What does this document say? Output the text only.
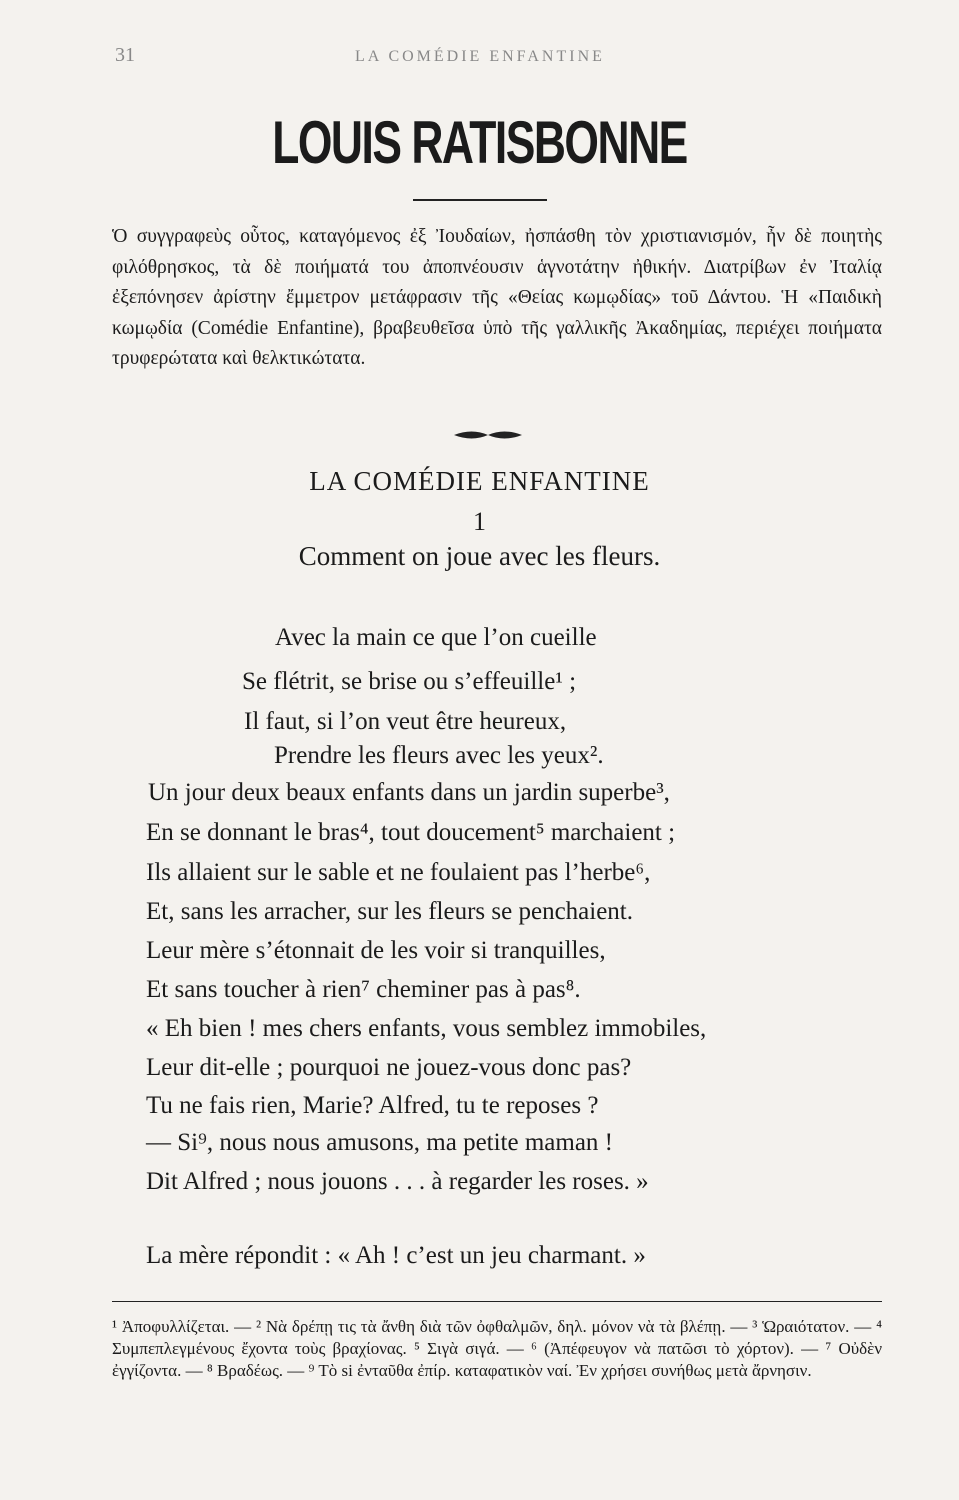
31	LA COMÉDIE ENFANTINE
LOUIS RATISBONNE
Ὁ συγγραφεὺς οὗτος, καταγόμενος ἐξ Ἰουδαίων, ἠσπάσθη τὸν χριστιανισμόν, ἦν δὲ ποιητὴς φιλόθρησκος, τὰ δὲ ποιήματά του ἀποπνέουσιν ἁγνοτάτην ἠθικήν. Διατρίβων ἐν Ἰταλίᾳ ἐξεπόνησεν ἀρίστην ἔμμετρον μετάφρασιν τῆς «Θείας κωμῳδίας» τοῦ Δάντου. Ἡ «Παιδικὴ κωμῳδία (Comédie Enfantine), βραβευθεῖσα ὑπὸ τῆς γαλλικῆς Ἀκαδημίας, περιέχει ποιήματα τρυφερώτατα καὶ θελκτικώτατα.
LA COMÉDIE ENFANTINE
1
Comment on joue avec les fleurs.
Avec la main ce que l’on cueille
Se flétrit, se brise ou s’effeuille¹ ;
Il faut, si l’on veut être heureux,
Prendre les fleurs avec les yeux².
Un jour deux beaux enfants dans un jardin superbe³,
En se donnant le bras⁴, tout doucement⁵ marchaient ;
Ils allaient sur le sable et ne foulaient pas l’herbe⁶,
Et, sans les arracher, sur les fleurs se penchaient.
Leur mère s’étonnait de les voir si tranquilles,
Et sans toucher à rien⁷ cheminer pas à pas⁸.
« Eh bien ! mes chers enfants, vous semblez immobiles,
Leur dit-elle ; pourquoi ne jouez-vous donc pas?
Tu ne fais rien, Marie? Alfred, tu te reposes ?
— Si⁹, nous nous amusons, ma petite maman !
Dit Alfred ; nous jouons . . . à regarder les roses. »
La mère répondit : « Ah ! c’est un jeu charmant. »
¹ Ἀποφυλλίζεται. — ² Νὰ δρέπῃ τις τὰ ἄνθη διὰ τῶν ὀφθαλμῶν, δηλ. μόνον νὰ τὰ βλέπῃ. — ³ Ὡραιότατον. — ⁴ Συμπεπλεγμένους ἔχοντα τοὺς βραχίονας. ⁵ Σιγὰ σιγά. — ⁶ (Ἀπέφευγον νὰ πατῶσι τὸ χόρτον). — ⁷ Οὐδὲν ἐγγίζοντα. — ⁸ Βραδέως. — ⁹ Τὸ si ἐνταῦθα ἐπίρ. καταφατικὸν ναί. Ἐν χρήσει συνήθως μετὰ ἄρνησιν.
